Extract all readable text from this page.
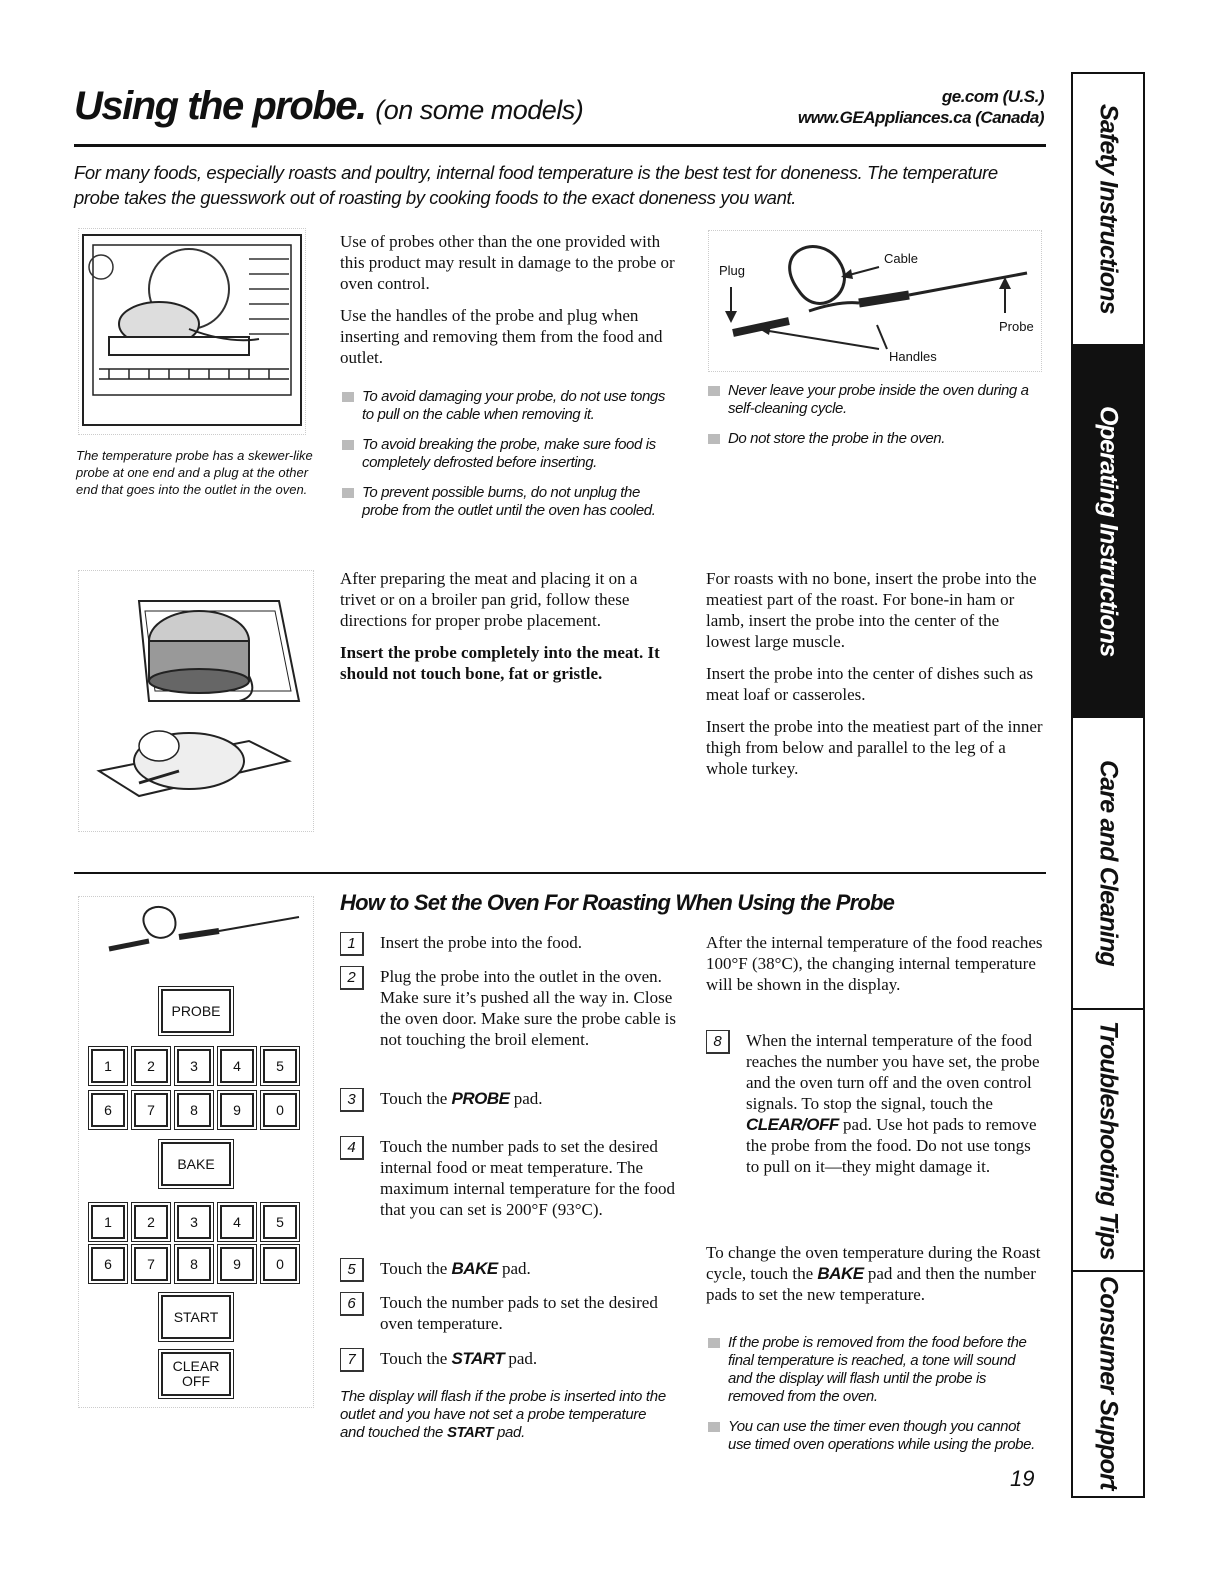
Using the probe. (on some models)	ge.com (U.S.)
www.GEAppliances.ca (Canada)
For many foods, especially roasts and poultry, internal food temperature is the best test for doneness. The temperature probe takes the guesswork out of roasting by cooking foods to the exact doneness you want.
The temperature probe has a skewer-like probe at one end and a plug at the other end that goes into the outlet in the oven.

Use of probes other than the one provided with this product may result in damage to the probe or oven control.

Use the handles of the probe and plug when inserting and removing them from the food and outlet.

To avoid damaging your probe, do not use tongs to pull on the cable when removing it.
To avoid breaking the probe, make sure food is completely defrosted before inserting.
To prevent possible burns, do not unplug the probe from the outlet until the oven has cooled.
Plug
Cable
Probe
Handles
Never leave your probe inside the oven during a self-cleaning cycle.
Do not store the probe in the oven.

After preparing the meat and placing it on a trivet or on a broiler pan grid, follow these directions for proper probe placement.

Insert the probe completely into the meat. It should not touch bone, fat or gristle.

For roasts with no bone, insert the probe into the meatiest part of the roast. For bone-in ham or lamb, insert the probe into the center of the lowest large muscle.

Insert the probe into the center of dishes such as meat loaf or casseroles.

Insert the probe into the meatiest part of the inner thigh from below and parallel to the leg of a whole turkey.

How to Set the Oven For Roasting When Using the Probe
PROBE
1	2	3	4	5
6	7	8	9	0
BAKE
1	2	3	4	5
6	7	8	9	0
START
CLEAR
OFF
1	Insert the probe into the food.
2	Plug the probe into the outlet in the oven. Make sure it’s pushed all the way in. Close the oven door. Make sure the probe cable is not touching the broil element.
3	Touch the PROBE pad.
4	Touch the number pads to set the desired internal food or meat temperature. The maximum internal temperature for the food that you can set is 200°F (93°C).
5	Touch the BAKE pad.
6	Touch the number pads to set the desired oven temperature.
7	Touch the START pad.
The display will flash if the probe is inserted into the outlet and you have not set a probe temperature and touched the START pad.
After the internal temperature of the food reaches 100°F (38°C), the changing internal temperature will be shown in the display.
8	When the internal temperature of the food reaches the number you have set, the probe and the oven turn off and the oven control signals. To stop the signal, touch the CLEAR/OFF pad. Use hot pads to remove the probe from the food. Do not use tongs to pull on it—they might damage it.
To change the oven temperature during the Roast cycle, touch the BAKE pad and then the number pads to set the new temperature.
If the probe is removed from the food before the final temperature is reached, a tone will sound and the display will flash until the probe is removed from the oven.
You can use the timer even though you cannot use timed oven operations while using the probe.
19
Safety Instructions
Operating Instructions
Care and Cleaning
Troubleshooting Tips
Consumer Support
